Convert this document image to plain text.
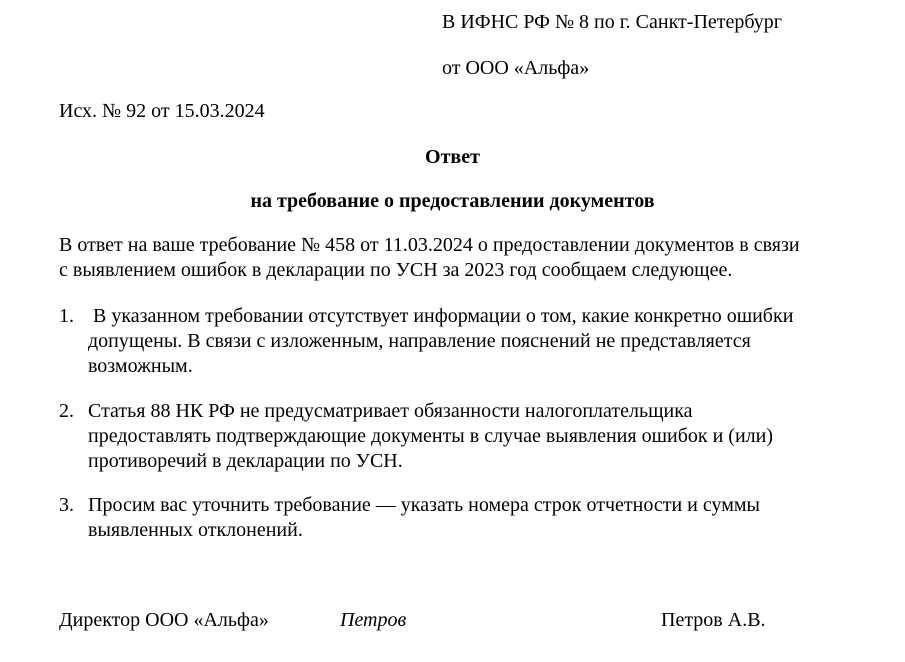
В ИФНС РФ № 8 по г. Санкт-Петербург
от ООО «Альфа»
Исх. № 92 от 15.03.2024
Ответ
на требование о предоставлении документов
В ответ на ваше требование № 458 от 11.03.2024 о предоставлении документов в связи
с выявлением ошибок в декларации по УСН за 2023 год сообщаем следующее.
1. В указанном требовании отсутствует информации о том, какие конкретно ошибки
допущены. В связи с изложенным, направление пояснений не представляется
возможным.
2. Статья 88 НК РФ не предусматривает обязанности налогоплательщика
предоставлять подтверждающие документы в случае выявления ошибок и (или)
противоречий в декларации по УСН.
3. Просим вас уточнить требование — указать номера строк отчетности и суммы
выявленных отклонений.
Директор ООО «Альфа»	Петров	Петров А.В.
